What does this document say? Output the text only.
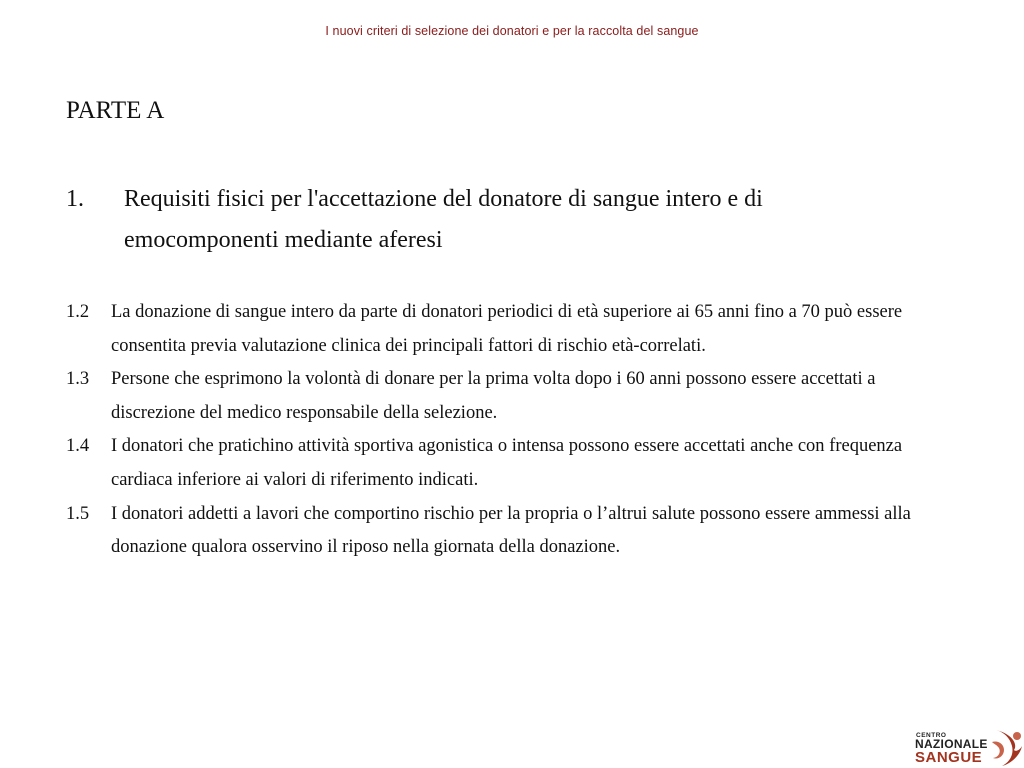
I nuovi criteri di selezione dei donatori e per la raccolta del sangue
PARTE A
1. Requisiti fisici per l'accettazione del donatore di sangue intero e di
emocomponenti mediante aferesi
1.2 La donazione di sangue intero da parte di donatori periodici di età superiore ai 65 anni fino a 70 può essere consentita previa valutazione clinica dei principali fattori di rischio età-correlati.
1.3 Persone che esprimono la volontà di donare per la prima volta dopo i 60 anni possono essere accettati a discrezione del medico responsabile della selezione.
1.4 I donatori che pratichino attività sportiva agonistica o intensa possono essere accettati anche con frequenza cardiaca inferiore ai valori di riferimento indicati.
1.5 I donatori addetti a lavori che comportino rischio per la propria o l’altrui salute possono essere ammessi alla donazione qualora osservino il riposo nella giornata della donazione.
CENTRO
NAZIONALE
SANGUE
